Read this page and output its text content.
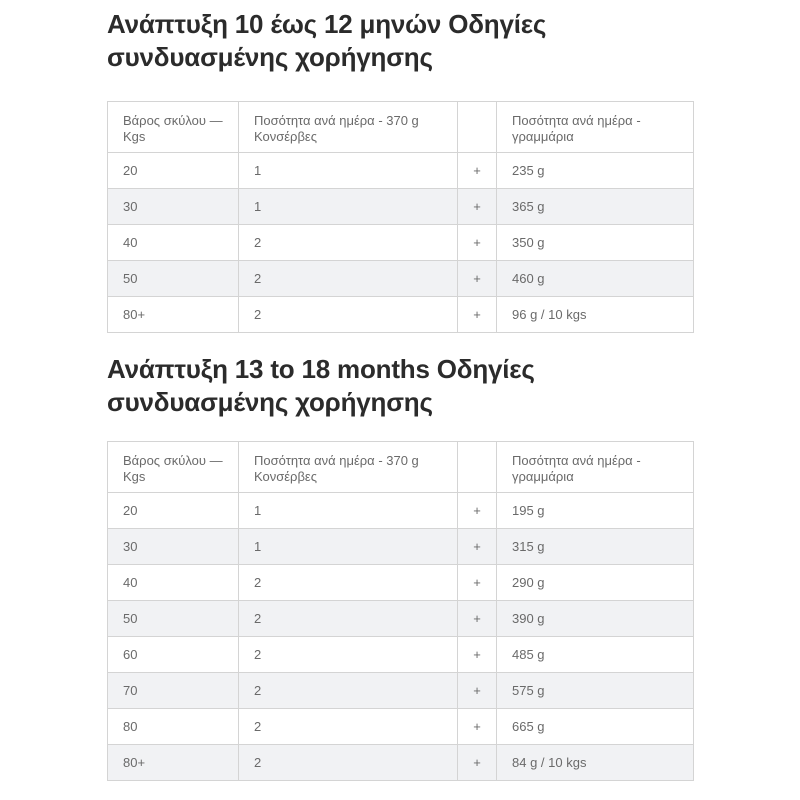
Ανάπτυξη 10 έως 12 μηνών Οδηγίες
συνδυασμένης χορήγησης
Βάρος σκύλου — Kgs	Ποσότητα ανά ημέρα - 370 g Κονσέρβες		Ποσότητα ανά ημέρα - γραμμάρια
20	1	+	235 g
30	1	+	365 g
40	2	+	350 g
50	2	+	460 g
80+	2	+	96 g / 10 kgs
Ανάπτυξη 13 to 18 months Οδηγίες
συνδυασμένης χορήγησης
Βάρος σκύλου — Kgs	Ποσότητα ανά ημέρα - 370 g Κονσέρβες		Ποσότητα ανά ημέρα - γραμμάρια
20	1	+	195 g
30	1	+	315 g
40	2	+	290 g
50	2	+	390 g
60	2	+	485 g
70	2	+	575 g
80	2	+	665 g
80+	2	+	84 g / 10 kgs
